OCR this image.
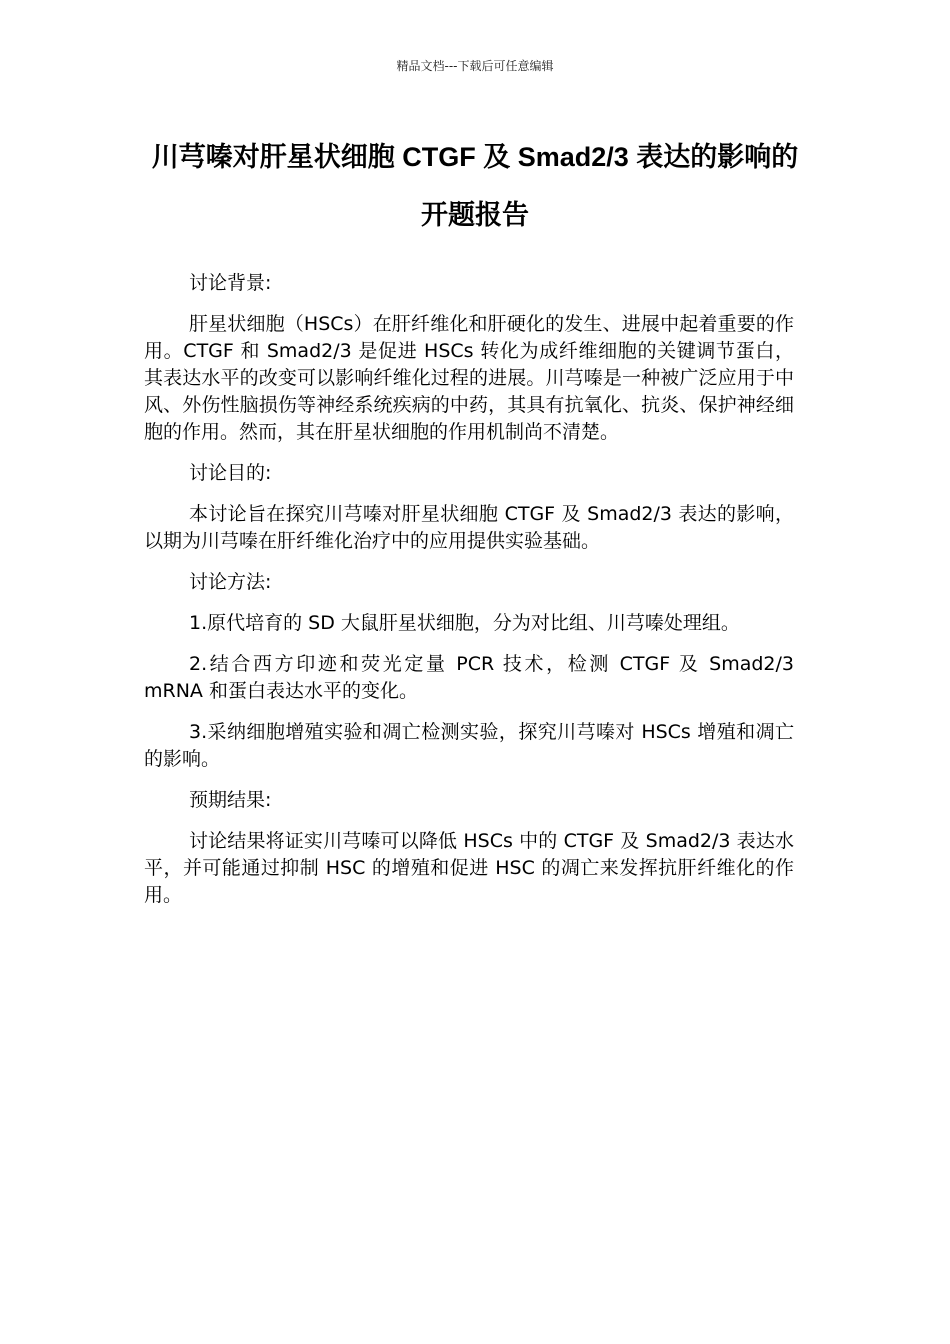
精品文档---下载后可任意编辑
川芎嗪对肝星状细胞 CTGF 及 Smad2/3 表达的影响的开题报告

讨论背景:

肝星状细胞（HSCs）在肝纤维化和肝硬化的发生、进展中起着重要的作用。CTGF 和 Smad2/3 是促进 HSCs 转化为成纤维细胞的关键调节蛋白，其表达水平的改变可以影响纤维化过程的进展。川芎嗪是一种被广泛应用于中风、外伤性脑损伤等神经系统疾病的中药，其具有抗氧化、抗炎、保护神经细胞的作用。然而，其在肝星状细胞的作用机制尚不清楚。

讨论目的:

本讨论旨在探究川芎嗪对肝星状细胞 CTGF 及 Smad2/3 表达的影响，以期为川芎嗪在肝纤维化治疗中的应用提供实验基础。

讨论方法:

1.原代培育的 SD 大鼠肝星状细胞，分为对比组、川芎嗪处理组。

2.结合西方印迹和荧光定量 PCR 技术，检测 CTGF 及 Smad2/3 mRNA 和蛋白表达水平的变化。

3.采纳细胞增殖实验和凋亡检测实验，探究川芎嗪对 HSCs 增殖和凋亡的影响。

预期结果:

讨论结果将证实川芎嗪可以降低 HSCs 中的 CTGF 及 Smad2/3 表达水平，并可能通过抑制 HSC 的增殖和促进 HSC 的凋亡来发挥抗肝纤维化的作用。
